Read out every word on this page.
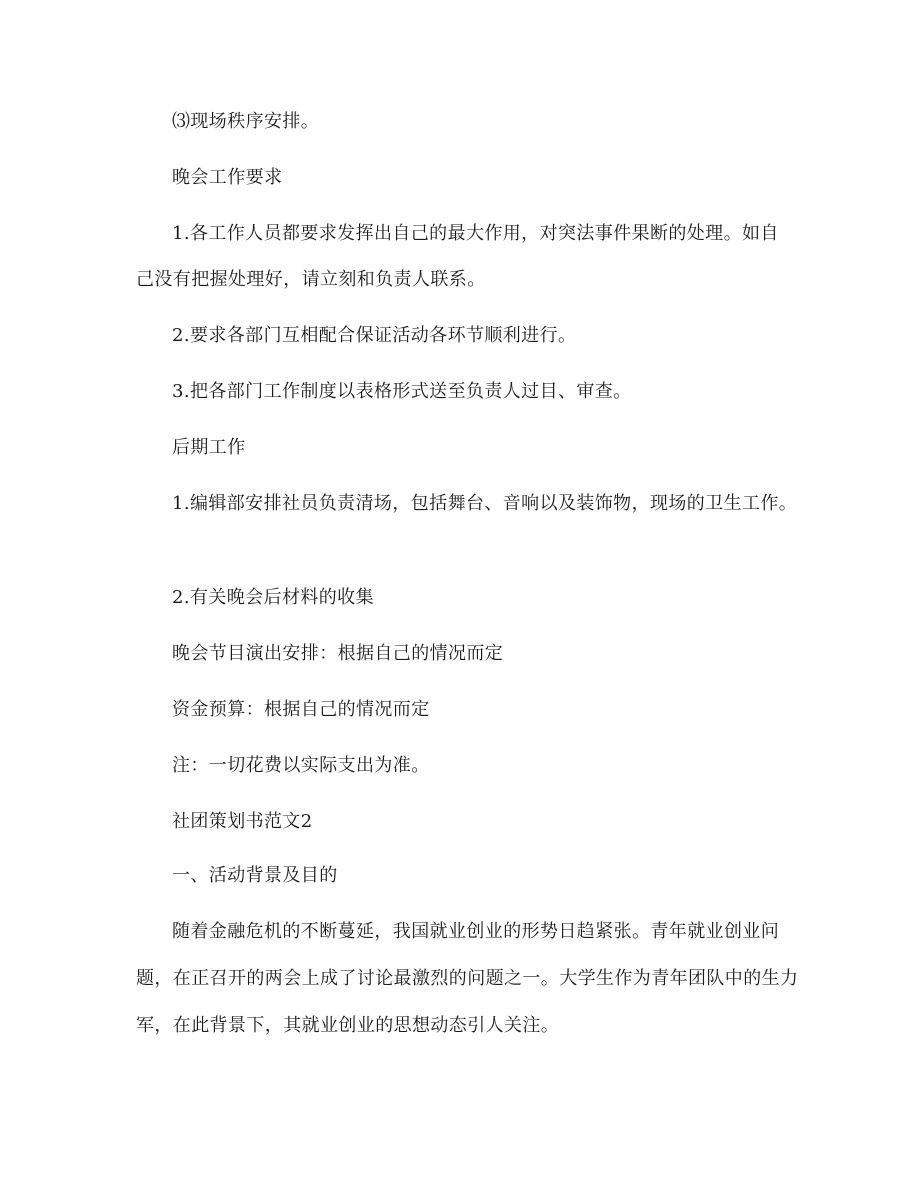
⑶现场秩序安排。
晚会工作要求
1.各工作人员都要求发挥出自己的最大作用，对突法事件果断的处理。如自
己没有把握处理好，请立刻和负责人联系。
2.要求各部门互相配合保证活动各环节顺利进行。
3.把各部门工作制度以表格形式送至负责人过目、审查。
后期工作
1.编辑部安排社员负责清场，包括舞台、音响以及装饰物，现场的卫生工作。
2.有关晚会后材料的收集
晚会节目演出安排：根据自己的情况而定
资金预算：根据自己的情况而定
注：一切花费以实际支出为准。
社团策划书范文2
一、活动背景及目的
随着金融危机的不断蔓延，我国就业创业的形势日趋紧张。青年就业创业问
题，在正召开的两会上成了讨论最激烈的问题之一。大学生作为青年团队中的生力
军，在此背景下，其就业创业的思想动态引人关注。
